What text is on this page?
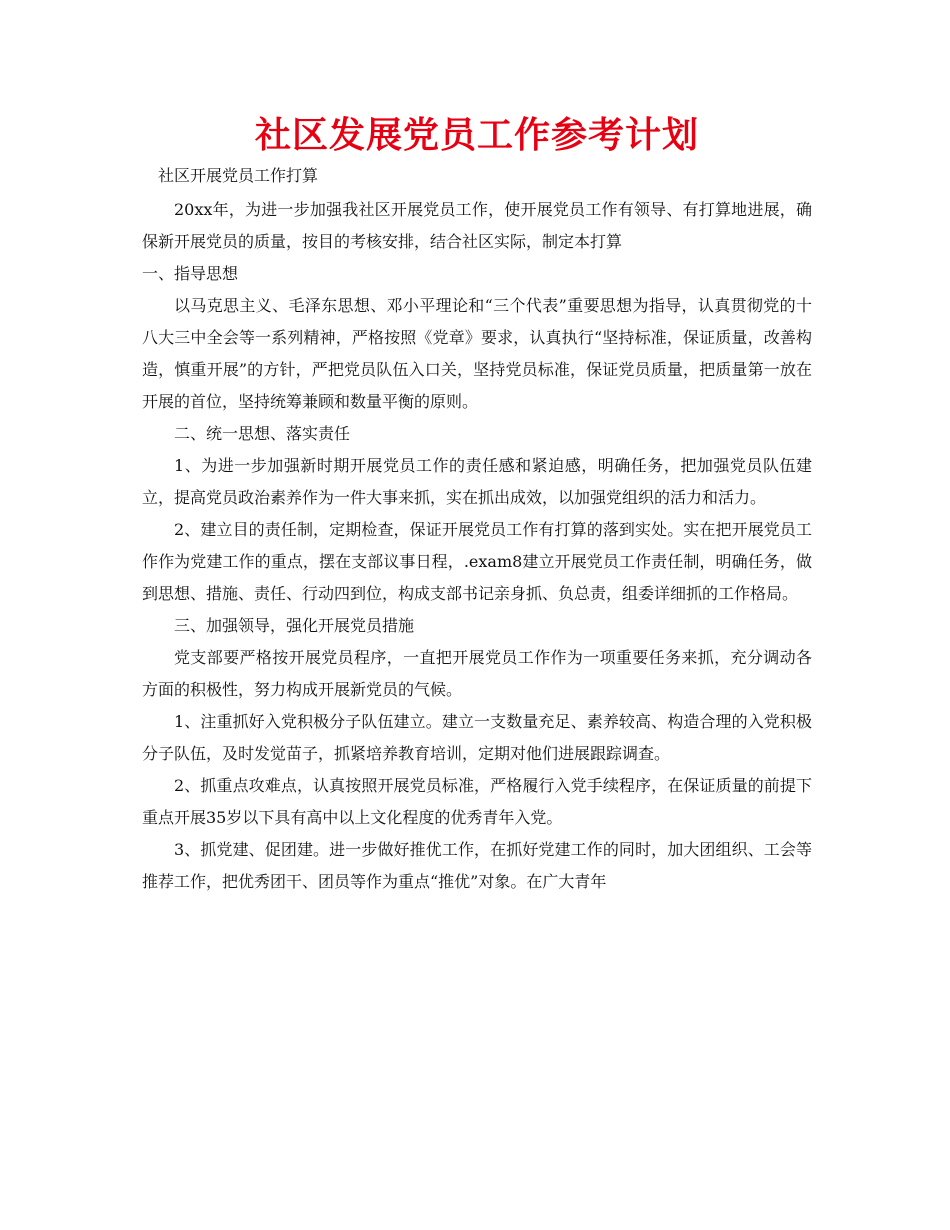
社区发展党员工作参考计划

社区开展党员工作打算

20xx年，为进一步加强我社区开展党员工作，使开展党员工作有领导、有打算地进展，确保新开展党员的质量，按目的考核安排，结合社区实际，制定本打算

一、指导思想

以马克思主义、毛泽东思想、邓小平理论和“三个代表”重要思想为指导，认真贯彻党的十八大三中全会等一系列精神，严格按照《党章》要求，认真执行“坚持标准，保证质量，改善构造，慎重开展”的方针，严把党员队伍入口关，坚持党员标准，保证党员质量，把质量第一放在开展的首位，坚持统筹兼顾和数量平衡的原则。

二、统一思想、落实责任

1、为进一步加强新时期开展党员工作的责任感和紧迫感，明确任务，把加强党员队伍建立，提高党员政治素养作为一件大事来抓，实在抓出成效，以加强党组织的活力和活力。

2、建立目的责任制，定期检查，保证开展党员工作有打算的落到实处。实在把开展党员工作作为党建工作的重点，摆在支部议事日程，.exam8建立开展党员工作责任制，明确任务，做到思想、措施、责任、行动四到位，构成支部书记亲身抓、负总责，组委详细抓的工作格局。

三、加强领导，强化开展党员措施

党支部要严格按开展党员程序，一直把开展党员工作作为一项重要任务来抓，充分调动各方面的积极性，努力构成开展新党员的气候。

1、注重抓好入党积极分子队伍建立。建立一支数量充足、素养较高、构造合理的入党积极分子队伍，及时发觉苗子，抓紧培养教育培训，定期对他们进展跟踪调查。

2、抓重点攻难点，认真按照开展党员标准，严格履行入党手续程序，在保证质量的前提下重点开展35岁以下具有高中以上文化程度的优秀青年入党。

3、抓党建、促团建。进一步做好推优工作，在抓好党建工作的同时，加大团组织、工会等推荐工作，把优秀团干、团员等作为重点“推优”对象。在广大青年
